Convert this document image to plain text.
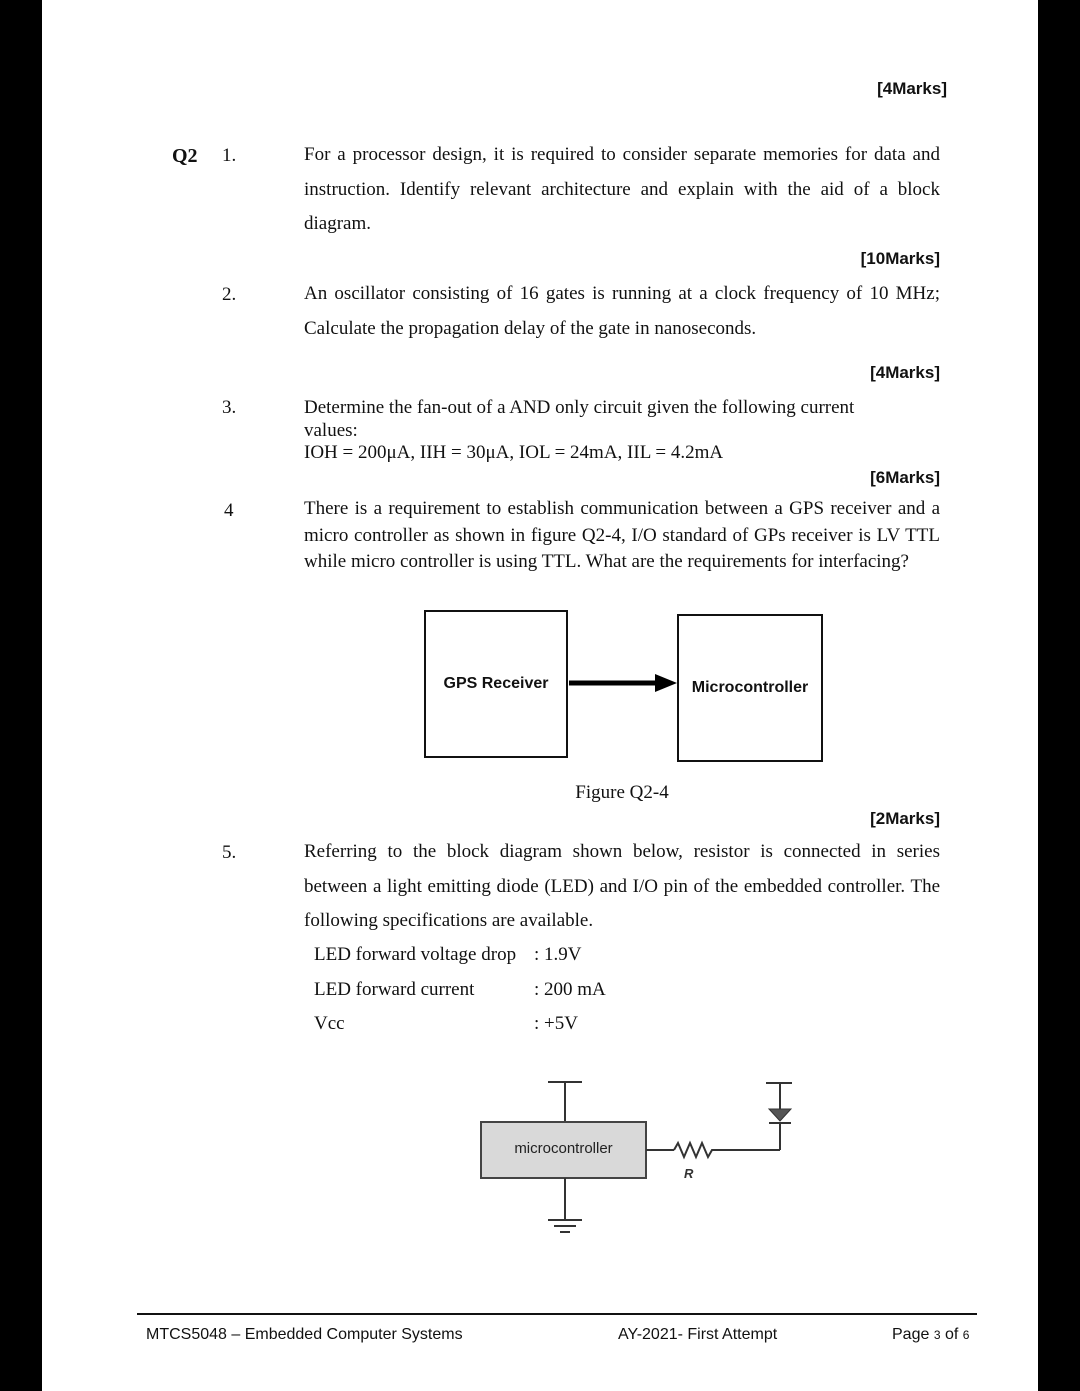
[4Marks]
Q2 1.	For a processor design, it is required to consider separate memories for data and instruction. Identify relevant architecture and explain with the aid of a block diagram.
[10Marks]
2.	An oscillator consisting of 16 gates is running at a clock frequency of 10 MHz; Calculate the propagation delay of the gate in nanoseconds.
[4Marks]
3.	Determine the fan-out of a AND only circuit given the following current values:
IOH = 200μA, IIH = 30μA, IOL = 24mA, IIL = 4.2mA
[6Marks]
4	There is a requirement to establish communication between a GPS receiver and a micro controller as shown in figure Q2-4, I/O standard of GPs receiver is LV TTL while micro controller is using TTL. What are the requirements for interfacing?
GPS Receiver	Microcontroller
Figure Q2-4
[2Marks]
5.	Referring to the block diagram shown below, resistor is connected in series between a light emitting diode (LED) and I/O pin of the embedded controller. The following specifications are available.
LED forward voltage drop : 1.9V
LED forward current	: 200 mA
Vcc	: +5V
microcontroller
R
MTCS5048 – Embedded Computer Systems	AY-2021- First Attempt	Page 3 of 6
